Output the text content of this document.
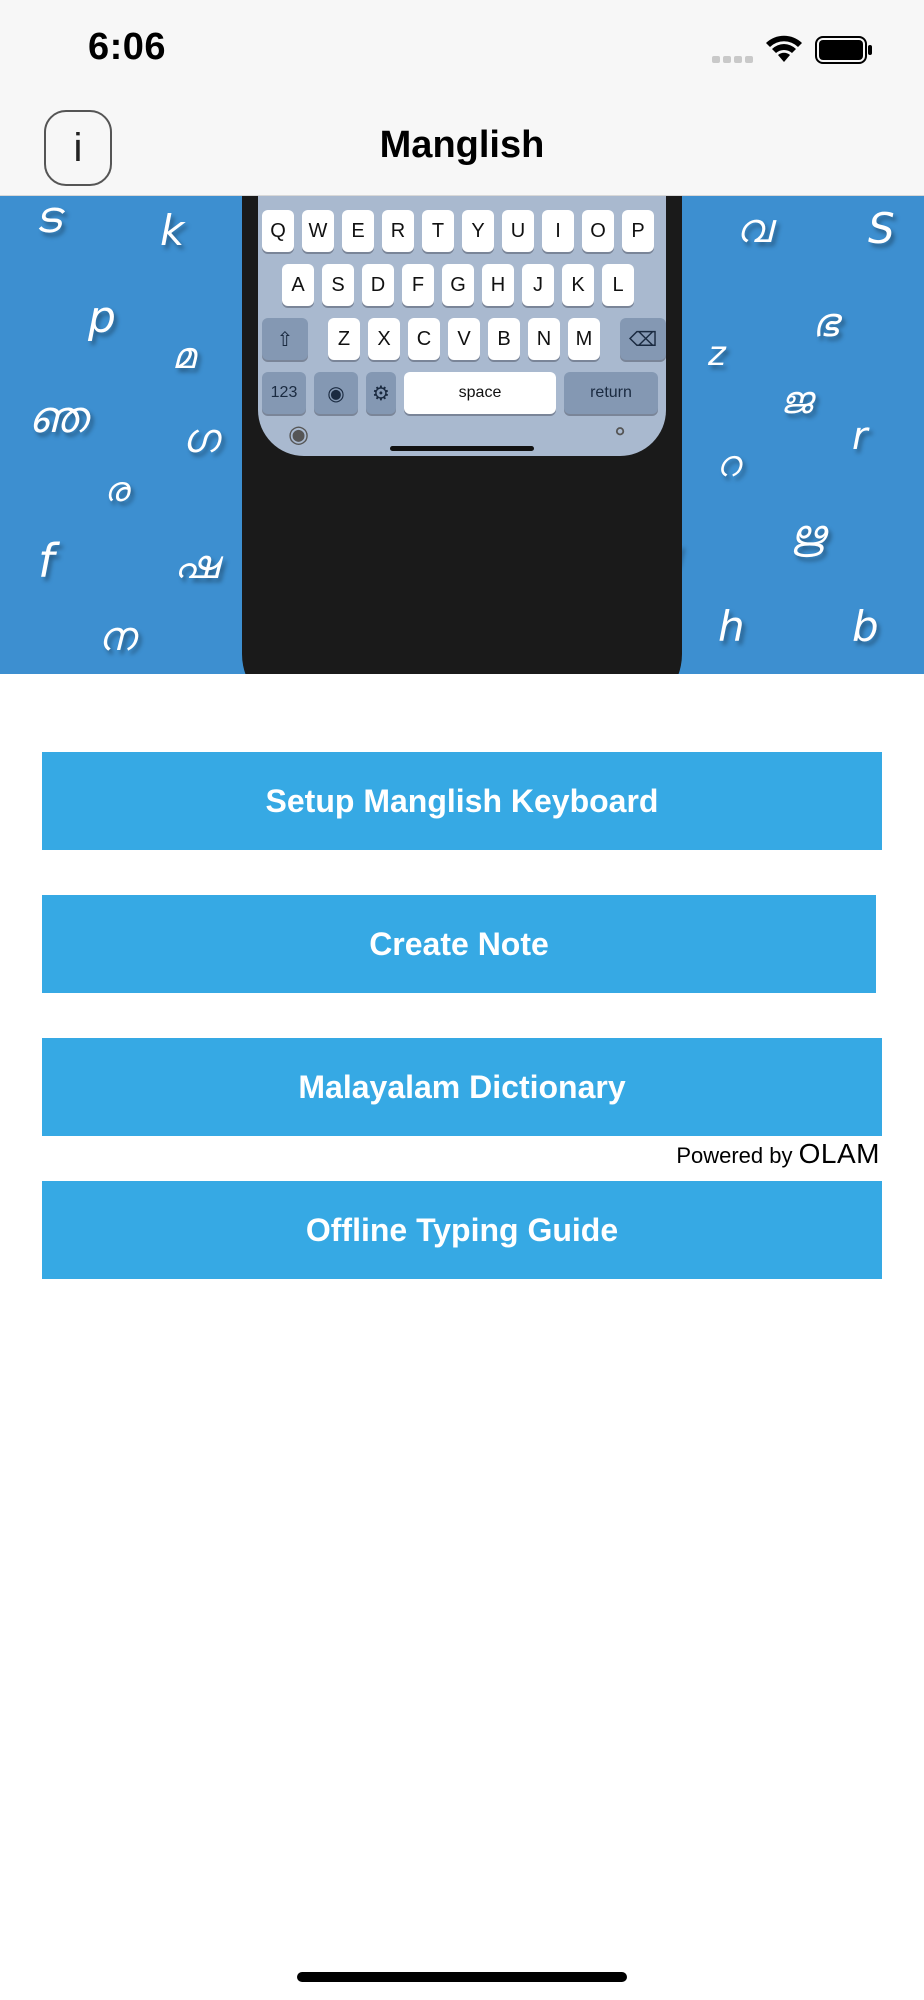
6:06
i	Manglish
ട k
p
മ
ഞ ഗ
ര
f	ഷ
ഋ
ന	h	b
വ S
z
ഭ
ജ
r
റ
Q	W	E	R	T	Y	U	I	O	P
A	S	D	F	G	H	J	K	L
⇧	Z	X	C	V	B	N	M	⌫
123	◉	⚙	space	return
◉	⚬
Setup Manglish Keyboard
Create Note
Malayalam Dictionary
Powered by OLAM
Offline Typing Guide
